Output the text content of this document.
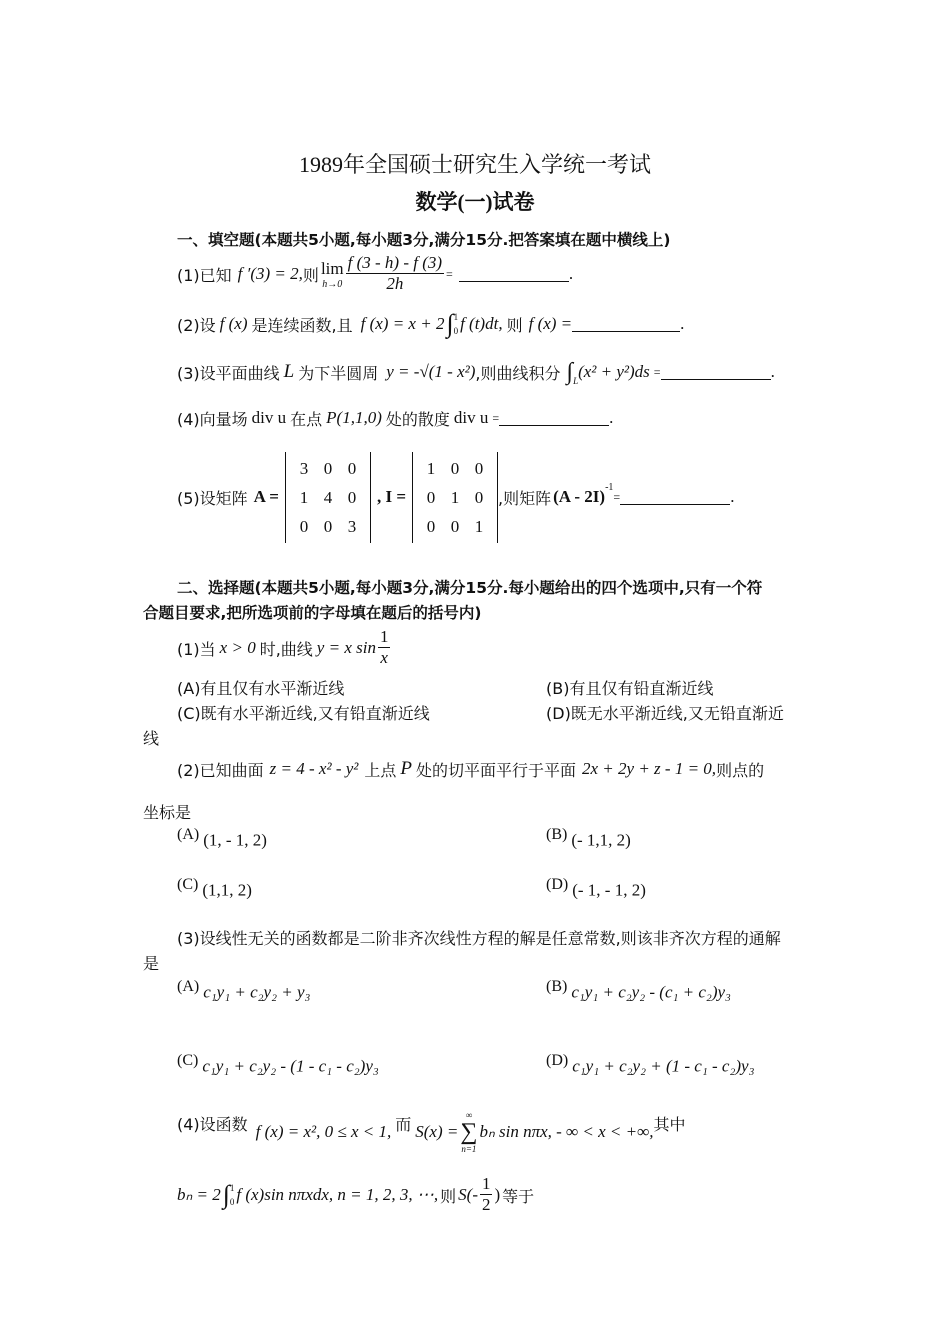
1989年全国硕士研究生入学统一考试
数学(一)试卷
一、填空题(本题共5小题,每小题3分,满分15分.把答案填在题中横线上)
(1)已知 f ′(3) = 2, 则 lim
$h\to 0 \frac{f (3 - h) - f (3)}{2h}$ =	.
(2)设 f (x) 是连续函数,且 f (x) = x + 2 ∫ 1
0 f (t)dt, 则 f (x) =	.
(3)设平面曲线 L 为下半圆周 y = -√(1 - x²) ,则曲线积分 ∫ L (x² + y²)ds =	.
(4)向量场 div u 在点 P(1,1,0) 处的散度 div u =	.
(5)设矩阵 A =
3 0 0
1 4 0
0 0 3
, I =
1 0 0
0 1 0
0 0 1
,则矩阵 (A - 2I) -1
=	.
二、选择题(本题共5小题,每小题3分,满分15分.每小题给出的四个选项中,只有一个符
合题目要求,把所选项前的字母填在题后的括号内)
(1)当 x > 0 时,曲线 y = x $\sin \frac{1}{x}$
(A)有且仅有水平渐近线	(B)有且仅有铅直渐近线
(C)既有水平渐近线,又有铅直渐近线	(D)既无水平渐近线,又无铅直渐近
线
(2)已知曲面 z = 4 - x² - y² 上点 P 处的切平面平行于平面 2x + 2y + z - 1 = 0, 则点的
坐标是
(A) (1, - 1, 2)	(B) (- 1,1, 2)
(C) (1,1, 2)	(D) (- 1, - 1, 2)
(3)设线性无关的函数都是二阶非齐次线性方程的解是任意常数,则该非齐次方程的通解
是
(A) c₁y₁ + c₂y₂ + y₃	(B) c₁y₁ + c₂y₂ - (c₁ + c₂)y₃
(C) c₁y₁ + c₂y₂ - (1 - c₁ - c₂)y₃	(D) c₁y₁ + c₂y₂ + (1 - c₁ - c₂)y₃
(4)设函数 f (x) = x², 0 ≤ x < 1, 而 S(x) =
∞
∑
n=1
bₙ sin nπx, - ∞ < x < +∞, 其中
bₙ = 2 ∫ 1
0 f (x)sin nπxdx, n = 1, 2, 3, ⋯, 则 $S(- \frac{1}{2}$ ) 等于
